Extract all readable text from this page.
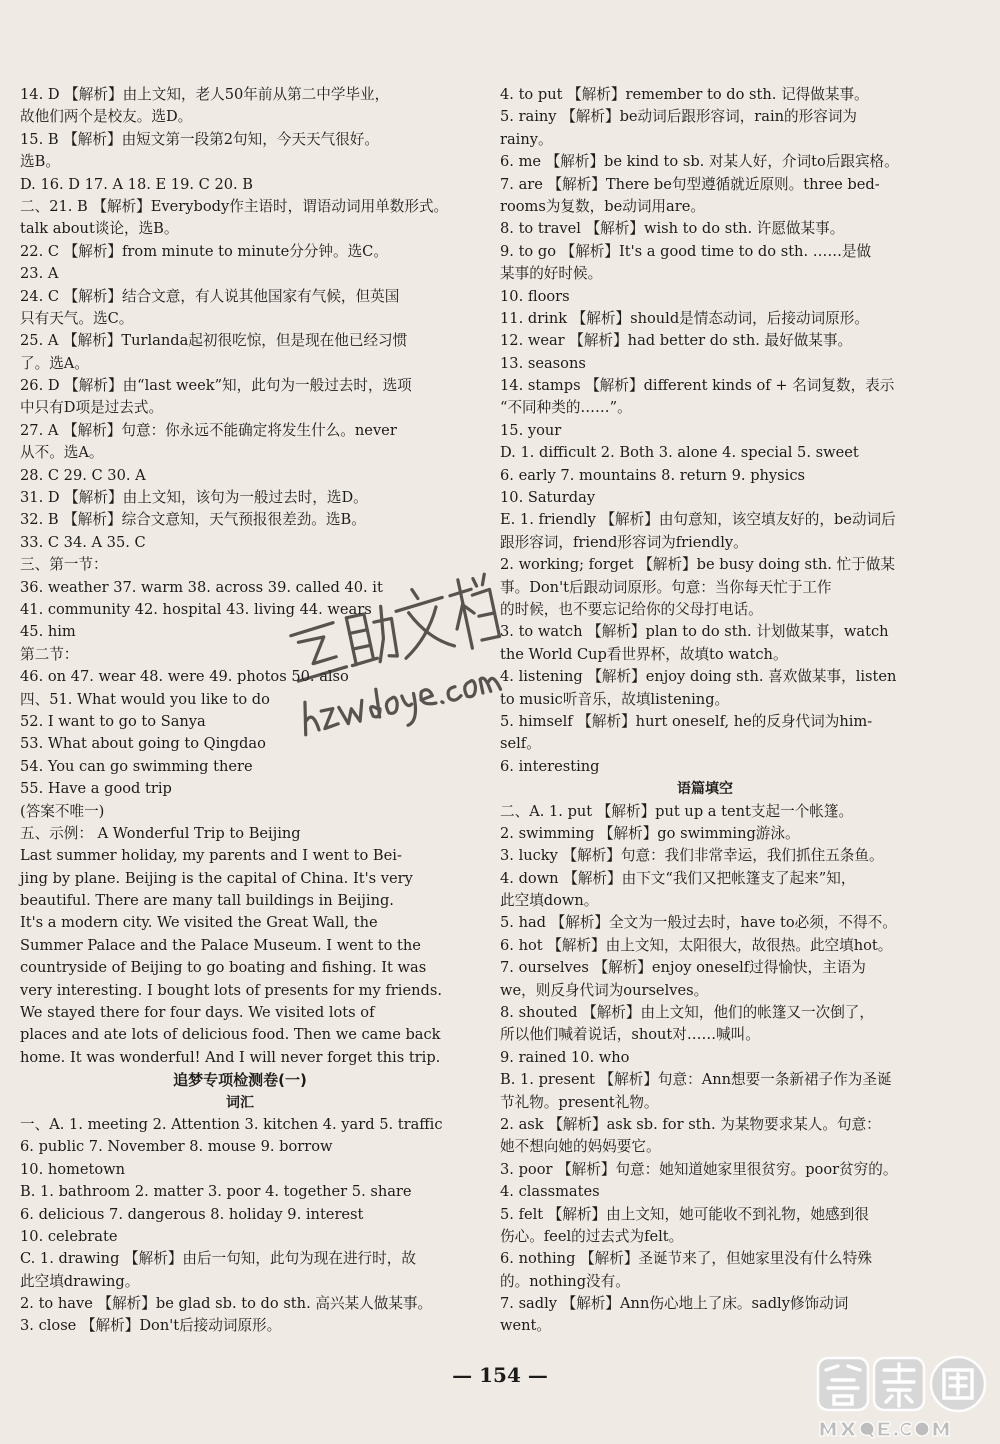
14. D 【解析】由上文知，老人50年前从第二中学毕业，
故他们两个是校友。选D。
15. B 【解析】由短文第一段第2句知，今天天气很好。
选B。
D. 16. D 17. A 18. E 19. C 20. B
二、21. B 【解析】Everybody作主语时，谓语动词用单数形式。
talk about谈论，选B。
22. C 【解析】from minute to minute分分钟。选C。
23. A
24. C 【解析】结合文意，有人说其他国家有气候，但英国
只有天气。选C。
25. A 【解析】Turlanda起初很吃惊，但是现在他已经习惯
了。选A。
26. D 【解析】由“last week”知，此句为一般过去时，选项
中只有D项是过去式。
27. A 【解析】句意：你永远不能确定将发生什么。never
从不。选A。
28. C 29. C 30. A
31. D 【解析】由上文知，该句为一般过去时，选D。
32. B 【解析】综合文意知，天气预报很差劲。选B。
33. C 34. A 35. C
三、第一节：
36. weather 37. warm 38. across 39. called 40. it
41. community 42. hospital 43. living 44. wears
45. him
第二节：
46. on 47. wear 48. were 49. photos 50. also
四、51. What would you like to do
52. I want to go to Sanya
53. What about going to Qingdao
54. You can go swimming there
55. Have a good trip
(答案不唯一)
五、示例： A Wonderful Trip to Beijing
Last summer holiday, my parents and I went to Bei-
jing by plane. Beijing is the capital of China. It's very
beautiful. There are many tall buildings in Beijing.
It's a modern city. We visited the Great Wall, the
Summer Palace and the Palace Museum. I went to the
countryside of Beijing to go boating and fishing. It was
very interesting. I bought lots of presents for my friends.
We stayed there for four days. We visited lots of
places and ate lots of delicious food. Then we came back
home. It was wonderful! And I will never forget this trip.
追梦专项检测卷(一)
词汇
一、A. 1. meeting 2. Attention 3. kitchen 4. yard 5. traffic
6. public 7. November 8. mouse 9. borrow
10. hometown
B. 1. bathroom 2. matter 3. poor 4. together 5. share
6. delicious 7. dangerous 8. holiday 9. interest
10. celebrate
C. 1. drawing 【解析】由后一句知，此句为现在进行时，故
此空填drawing。
2. to have 【解析】be glad sb. to do sth. 高兴某人做某事。
3. close 【解析】Don't后接动词原形。
4. to put 【解析】remember to do sth. 记得做某事。
5. rainy 【解析】be动词后跟形容词，rain的形容词为
rainy。
6. me 【解析】be kind to sb. 对某人好，介词to后跟宾格。
7. are 【解析】There be句型遵循就近原则。three bed-
rooms为复数，be动词用are。
8. to travel 【解析】wish to do sth. 许愿做某事。
9. to go 【解析】It's a good time to do sth. ……是做
某事的好时候。
10. floors
11. drink 【解析】should是情态动词，后接动词原形。
12. wear 【解析】had better do sth. 最好做某事。
13. seasons
14. stamps 【解析】different kinds of + 名词复数，表示
“不同种类的……”。
15. your
D. 1. difficult 2. Both 3. alone 4. special 5. sweet
6. early 7. mountains 8. return 9. physics
10. Saturday
E. 1. friendly 【解析】由句意知，该空填友好的，be动词后
跟形容词，friend形容词为friendly。
2. working; forget 【解析】be busy doing sth. 忙于做某
事。Don't后跟动词原形。句意：当你每天忙于工作
的时候，也不要忘记给你的父母打电话。
3. to watch 【解析】plan to do sth. 计划做某事，watch
the World Cup看世界杯，故填to watch。
4. listening 【解析】enjoy doing sth. 喜欢做某事，listen
to music听音乐，故填listening。
5. himself 【解析】hurt oneself, he的反身代词为him-
self。
6. interesting
语篇填空
二、A. 1. put 【解析】put up a tent支起一个帐篷。
2. swimming 【解析】go swimming游泳。
3. lucky 【解析】句意：我们非常幸运，我们抓住五条鱼。
4. down 【解析】由下文“我们又把帐篷支了起来”知，
此空填down。
5. had 【解析】全文为一般过去时，have to必须，不得不。
6. hot 【解析】由上文知，太阳很大，故很热。此空填hot。
7. ourselves 【解析】enjoy oneself过得愉快，主语为
we，则反身代词为ourselves。
8. shouted 【解析】由上文知，他们的帐篷又一次倒了，
所以他们喊着说话，shout对……喊叫。
9. rained 10. who
B. 1. present 【解析】句意：Ann想要一条新裙子作为圣诞
节礼物。present礼物。
2. ask 【解析】ask sb. for sth. 为某物要求某人。句意：
她不想向她的妈妈要它。
3. poor 【解析】句意：她知道她家里很贫穷。poor贫穷的。
4. classmates
5. felt 【解析】由上文知，她可能收不到礼物，她感到很
伤心。feel的过去式为felt。
6. nothing 【解析】圣诞节来了，但她家里没有什么特殊
的。nothing没有。
7. sadly 【解析】Ann伤心地上了床。sadly修饰动词
went。
— 154 —
